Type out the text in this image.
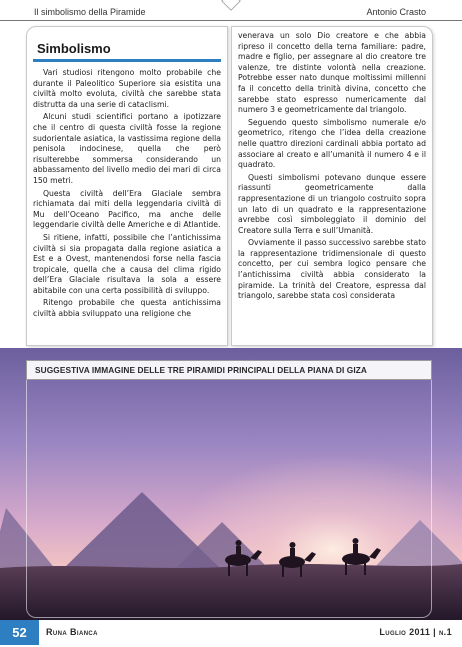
Il simbolismo della Piramide	Antonio Crasto
Simbolismo

Vari studiosi ritengono molto probabile che durante il Paleolitico Superiore sia esistita una civiltà molto evoluta, civiltà che sarebbe stata distrutta da una serie di cataclismi.

Alcuni studi scientifici portano a ipotizzare che il centro di questa civiltà fosse la regione sudorientale asiatica, la vastissima regione della penisola indocinese, quella che però risulterebbe sommersa considerando un abbassamento del livello medio dei mari di circa 150 metri.

Questa civiltà dell’Era Glaciale sembra richiamata dai miti della leggendaria civiltà di Mu dell’Oceano Pacifico, ma anche delle leggendarie civiltà delle Americhe e di Atlantide.

Si ritiene, infatti, possibile che l’antichissima civiltà si sia propagata dalla regione asiatica a Est e a Ovest, mantenendosi forse nella fascia tropicale, quella che a causa del clima rigido dell’Era Glaciale risultava la sola a essere abitabile con una certa possibilità di sviluppo.

Ritengo probabile che questa antichissima civiltà abbia sviluppato una religione che

venerava un solo Dio creatore e che abbia ripreso il concetto della terna familiare: padre, madre e figlio, per assegnare al dio creatore tre valenze, tre distinte volontà nella creazione. Potrebbe esser nato dunque moltissimi millenni fa il concetto della trinità divina, concetto che sarebbe stato espresso numericamente dal numero 3 e geometricamente dal triangolo.

Seguendo questo simbolismo numerale e/o geometrico, ritengo che l’idea della creazione nelle quattro direzioni cardinali abbia portato ad associare al creato e all’umanità il numero 4 e il quadrato.

Questi simbolismi potevano dunque essere riassunti geometricamente dalla rappresentazione di un triangolo costruito sopra un lato di un quadrato e la rappresentazione avrebbe così simboleggiato il dominio del Creatore sulla Terra e sull’Umanità.

Ovviamente il passo successivo sarebbe stato la rappresentazione tridimensionale di questo concetto, per cui sembra logico pensare che l’antichissima civiltà abbia considerato la piramide. La trinità del Creatore, espressa dal triangolo, sarebbe stata così considerata

SUGGESTIVA IMMAGINE DELLE TRE PIRAMIDI PRINCIPALI DELLA PIANA DI GIZA
52	Runa Bianca	Luglio 2011 | n.1
